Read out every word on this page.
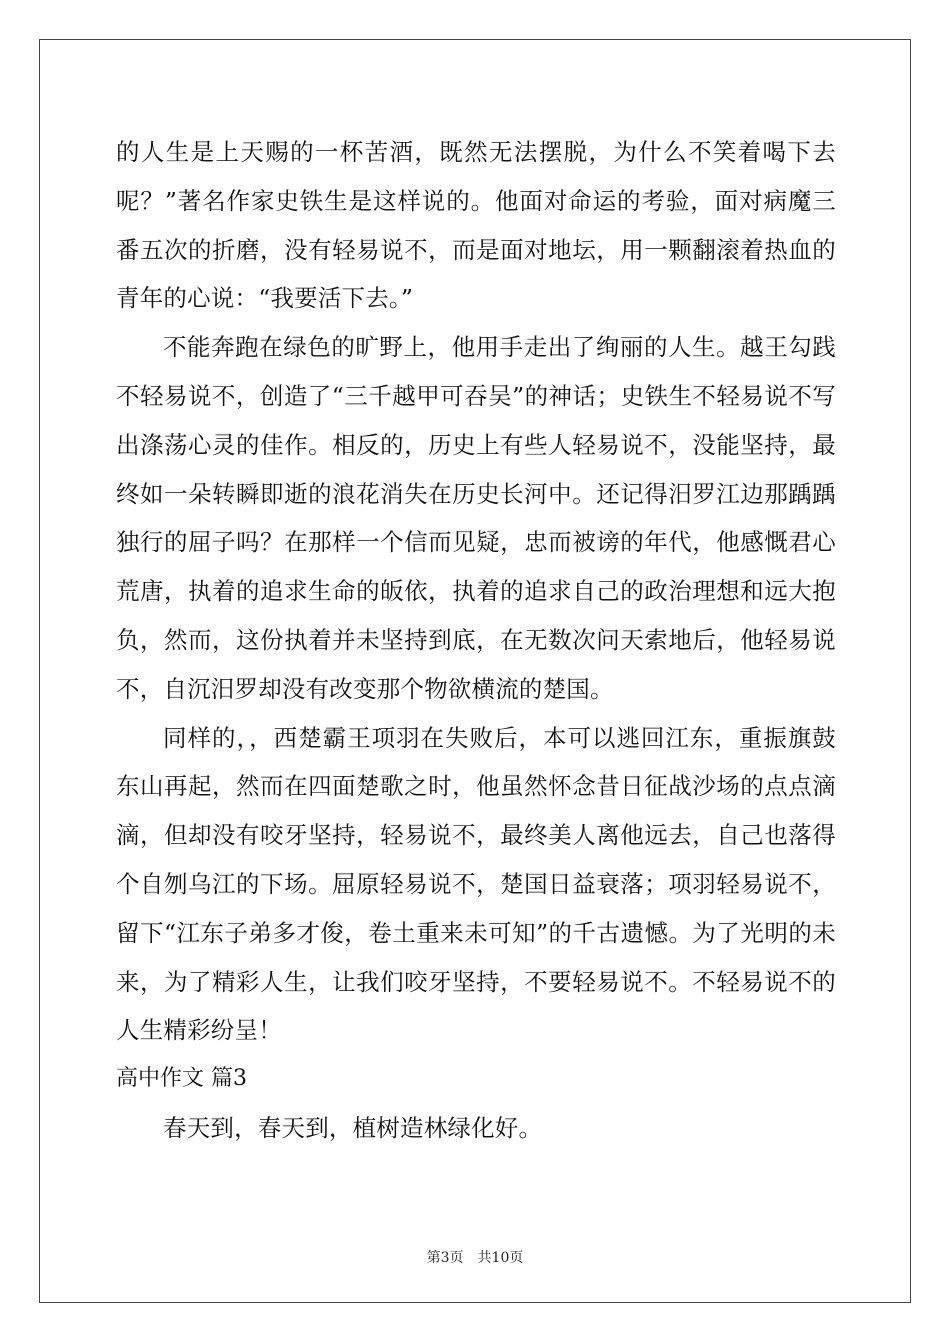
的人生是上天赐的一杯苦酒，既然无法摆脱，为什么不笑着喝下去呢？”著名作家史铁生是这样说的。他面对命运的考验，面对病魔三番五次的折磨，没有轻易说不，而是面对地坛，用一颗翻滚着热血的青年的心说：“我要活下去。”

不能奔跑在绿色的旷野上，他用手走出了绚丽的人生。越王勾践不轻易说不，创造了“三千越甲可吞吴”的神话；史铁生不轻易说不写出涤荡心灵的佳作。相反的，历史上有些人轻易说不，没能坚持，最终如一朵转瞬即逝的浪花消失在历史长河中。还记得汨罗江边那踽踽独行的屈子吗？在那样一个信而见疑，忠而被谤的年代，他感慨君心荒唐，执着的追求生命的皈依，执着的追求自己的政治理想和远大抱负，然而，这份执着并未坚持到底，在无数次问天索地后，他轻易说不，自沉汨罗却没有改变那个物欲横流的楚国。

同样的，，西楚霸王项羽在失败后，本可以逃回江东，重振旗鼓东山再起，然而在四面楚歌之时，他虽然怀念昔日征战沙场的点点滴滴，但却没有咬牙坚持，轻易说不，最终美人离他远去，自己也落得个自刎乌江的下场。屈原轻易说不，楚国日益衰落；项羽轻易说不，留下“江东子弟多才俊，卷土重来未可知”的千古遗憾。为了光明的未来，为了精彩人生，让我们咬牙坚持，不要轻易说不。不轻易说不的人生精彩纷呈！

高中作文 篇3

春天到，春天到，植树造林绿化好。

第3页　共10页
